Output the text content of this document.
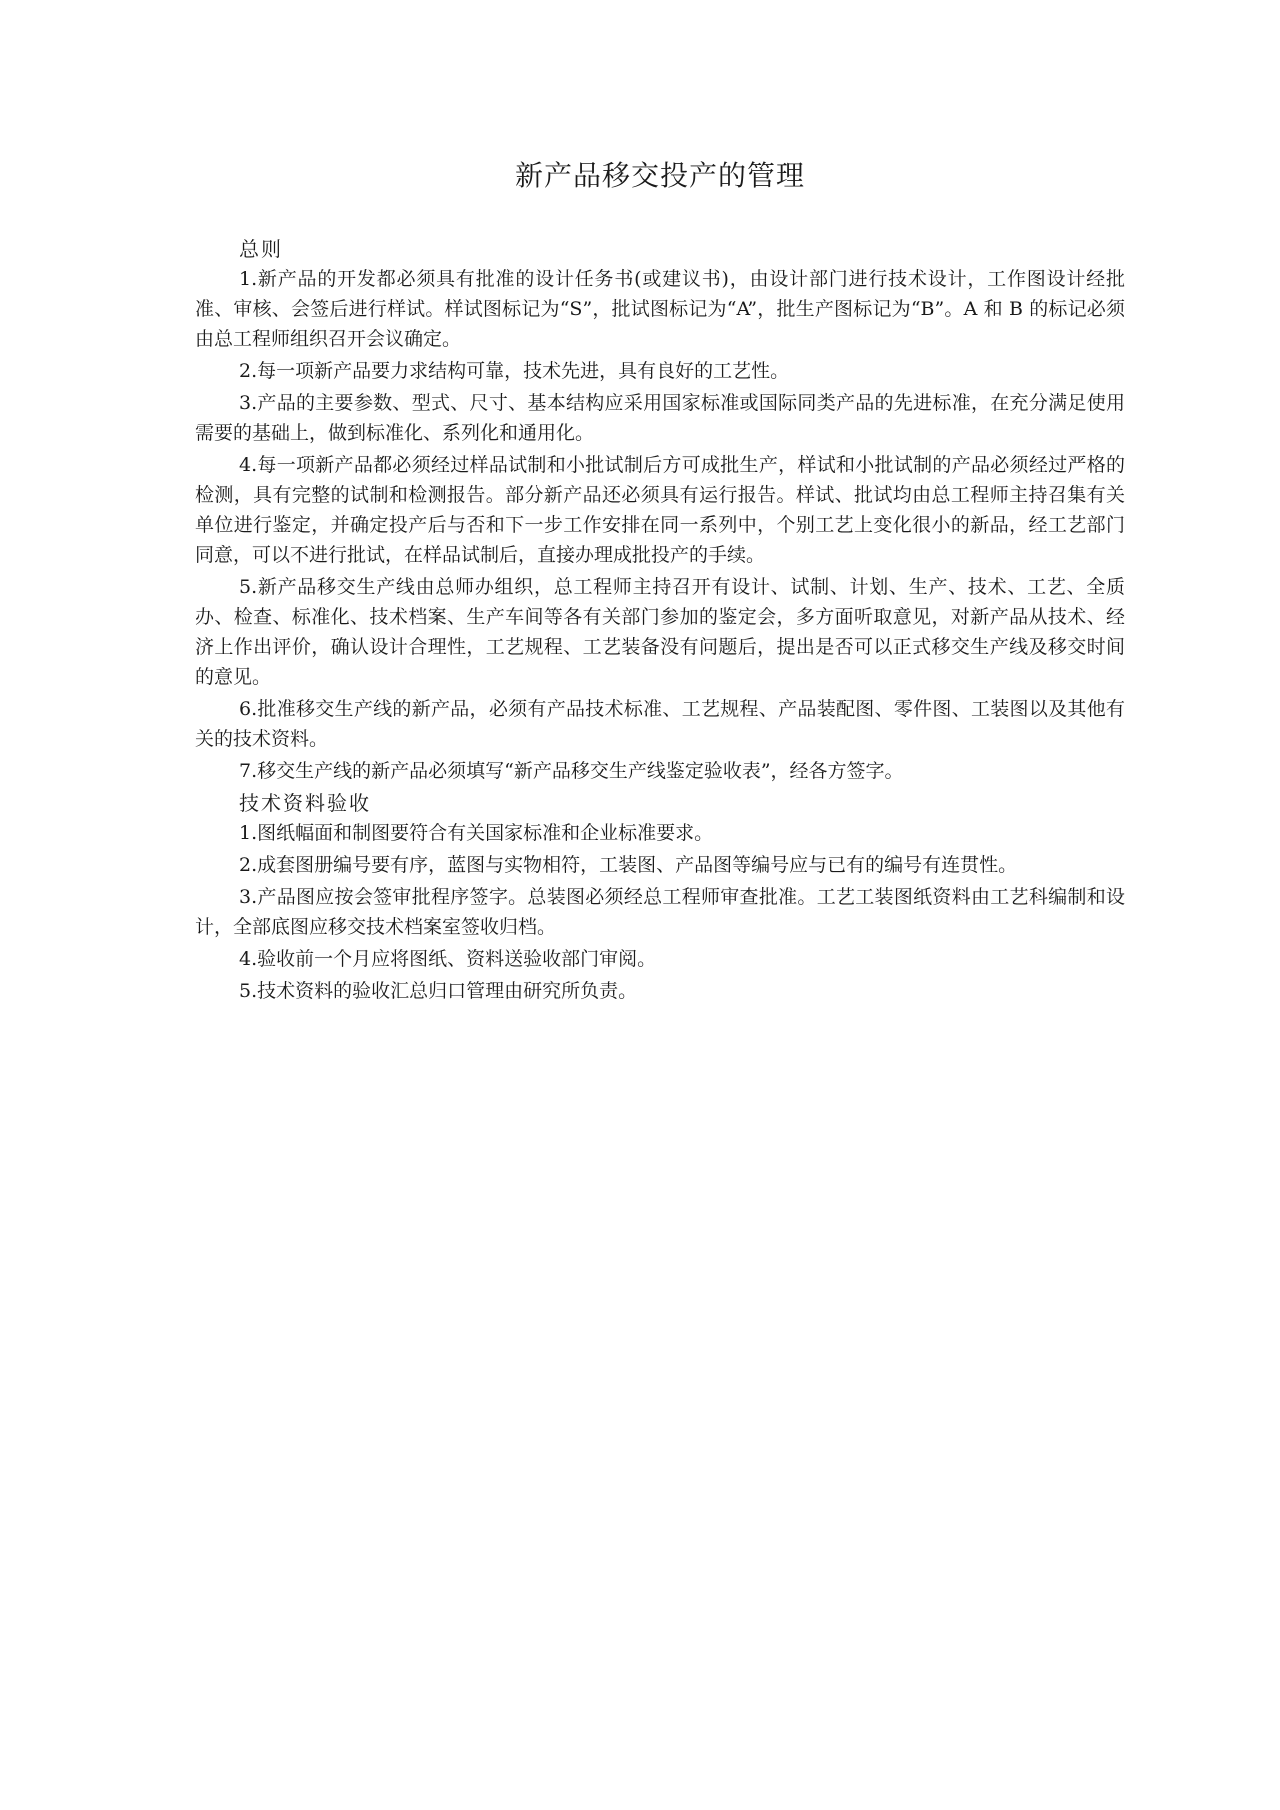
新产品移交投产的管理
总则

1.新产品的开发都必须具有批准的设计任务书(或建议书)，由设计部门进行技术设计，工作图设计经批准、审核、会签后进行样试。样试图标记为“S”，批试图标记为“A”，批生产图标记为“B”。A 和 B 的标记必须由总工程师组织召开会议确定。

2.每一项新产品要力求结构可靠，技术先进，具有良好的工艺性。

3.产品的主要参数、型式、尺寸、基本结构应采用国家标准或国际同类产品的先进标准，在充分满足使用需要的基础上，做到标准化、系列化和通用化。

4.每一项新产品都必须经过样品试制和小批试制后方可成批生产，样试和小批试制的产品必须经过严格的检测，具有完整的试制和检测报告。部分新产品还必须具有运行报告。样试、批试均由总工程师主持召集有关单位进行鉴定，并确定投产后与否和下一步工作安排在同一系列中，个别工艺上变化很小的新品，经工艺部门同意，可以不进行批试，在样品试制后，直接办理成批投产的手续。

5.新产品移交生产线由总师办组织，总工程师主持召开有设计、试制、计划、生产、技术、工艺、全质办、检查、标准化、技术档案、生产车间等各有关部门参加的鉴定会，多方面听取意见，对新产品从技术、经济上作出评价，确认设计合理性，工艺规程、工艺装备没有问题后，提出是否可以正式移交生产线及移交时间的意见。

6.批准移交生产线的新产品，必须有产品技术标准、工艺规程、产品装配图、零件图、工装图以及其他有关的技术资料。

7.移交生产线的新产品必须填写“新产品移交生产线鉴定验收表”，经各方签字。

技术资料验收

1.图纸幅面和制图要符合有关国家标准和企业标准要求。

2.成套图册编号要有序，蓝图与实物相符，工装图、产品图等编号应与已有的编号有连贯性。

3.产品图应按会签审批程序签字。总装图必须经总工程师审查批准。工艺工装图纸资料由工艺科编制和设计，全部底图应移交技术档案室签收归档。

4.验收前一个月应将图纸、资料送验收部门审阅。

5.技术资料的验收汇总归口管理由研究所负责。
